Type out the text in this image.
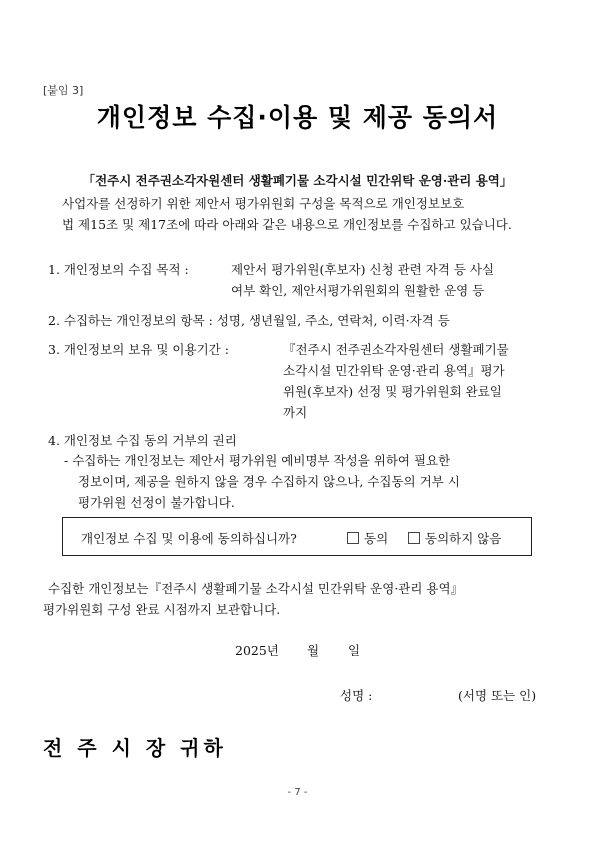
[붙임 3]
개인정보 수집·이용 및 제공 동의서
「전주시 전주권소각자원센터 생활폐기물 소각시설 민간위탁 운영·관리 용역」
사업자를 선정하기 위한 제안서 평가위원회 구성을 목적으로 개인정보보호
법 제15조 및 제17조에 따라 아래와 같은 내용으로 개인정보를 수집하고 있습니다.
1. 개인정보의 수집 목적 :	제안서 평가위원(후보자) 신청 관련 자격 등 사실
여부 확인, 제안서평가위원회의 원활한 운영 등
2. 수집하는 개인정보의 항목 : 성명, 생년월일, 주소, 연락처, 이력·자격 등
3. 개인정보의 보유 및 이용기간 :	『전주시 전주권소각자원센터 생활폐기물
소각시설 민간위탁 운영·관리 용역』평가
위원(후보자) 선정 및 평가위원회 완료일
까지
4. 개인정보 수집 동의 거부의 권리
- 수집하는 개인정보는 제안서 평가위원 예비명부 작성을 위하여 필요한
정보이며, 제공을 원하지 않을 경우 수집하지 않으나, 수집동의 거부 시
평가위원 선정이 불가합니다.
개인정보 수집 및 이용에 동의하십니까?	동의	동의하지 않음
수집한 개인정보는『전주시 생활폐기물 소각시설 민간위탁 운영·관리 용역』
평가위원회 구성 완료 시점까지 보관합니다.
2025년 월 일
성명 :	(서명 또는 인)
전 주 시 장 귀하
- 7 -
